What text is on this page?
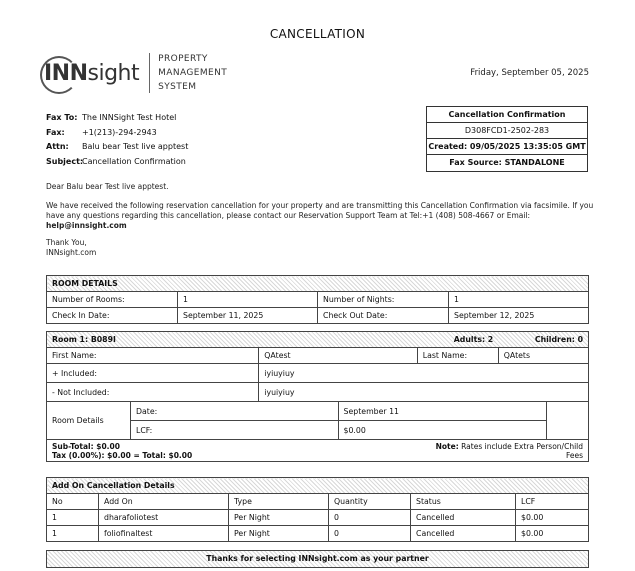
CANCELLATION
INNsight
PROPERTY
MANAGEMENT
SYSTEM
Friday, September 05, 2025
Fax To: The INNSight Test Hotel
Fax:	+1(213)-294-2943
Attn:	Balu bear Test live apptest
Subject:
Cancellation Confirmation
Cancellation Confirmation
D308FCD1-2502-283
Created: 09/05/2025 13:35:05 GMT
Fax Source: STANDALONE
Dear Balu bear Test live apptest.
We have received the following reservation cancellation for your property and are transmitting this Cancellation Confirmation via facsimile. If you
have any questions regarding this cancellation, please contact our Reservation Support Team at Tel:+1 (408) 508-4667 or Email:
help@innsight.com
Thank You,
INNsight.com
ROOM DETAILS			
Number of Rooms:	1	Number of Nights:	1
Check In Date:	September 11, 2025	Check Out Date:	September 12, 2025
Room 1: B089I			Adults: 2		Children: 0	
First Name:		QAtest		Last Name:	QAtets	
+ Included:		iyiuyiuy				
- Not Included:		iyuiyiuy				
Room Details	Date:		September 11			
	LCF:		$0.00			

Sub-Total: $0.00
Tax (0.00%): $0.00 = Total: $0.00				Note: Rates include Extra Person/Child Fees		
Add On Cancellation Details					
No	Add On	Type	Quantity	Status	LCF
1	dharafoliotest	Per Night	0	Cancelled	$0.00
1	foliofinaltest	Per Night	0	Cancelled	$0.00
Thanks for selecting INNsight.com as your partner
